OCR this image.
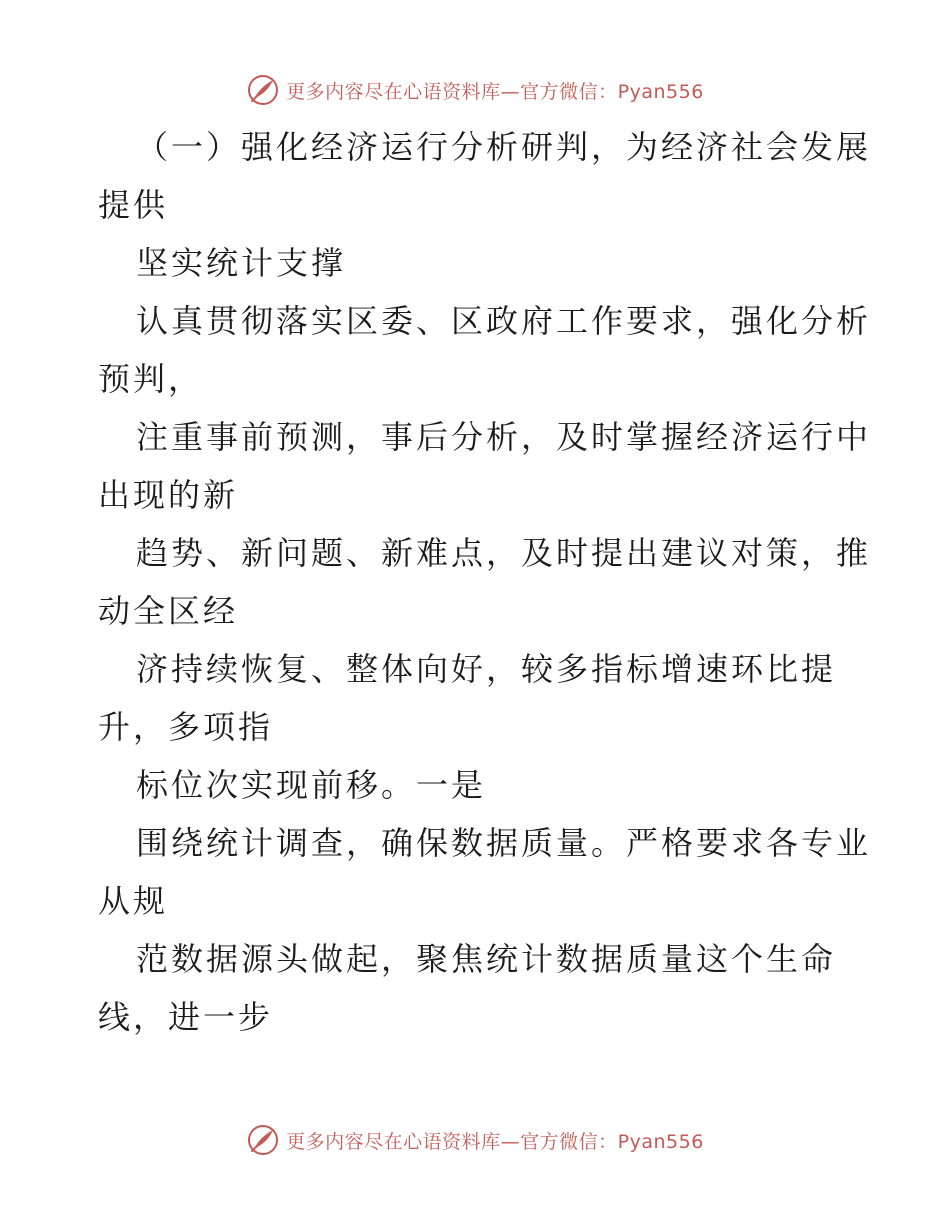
更多内容尽在心语资料库—官方微信：Pyan556
（一）强化经济运行分析研判，为经济社会发展
提供
坚实统计支撑
认真贯彻落实区委、区政府工作要求，强化分析
预判，
注重事前预测，事后分析，及时掌握经济运行中
出现的新
趋势、新问题、新难点，及时提出建议对策，推
动全区经
济持续恢复、整体向好，较多指标增速环比提
升，多项指
标位次实现前移。一是
围绕统计调查，确保数据质量。严格要求各专业
从规
范数据源头做起，聚焦统计数据质量这个生命
线，进一步
更多内容尽在心语资料库—官方微信：Pyan556
